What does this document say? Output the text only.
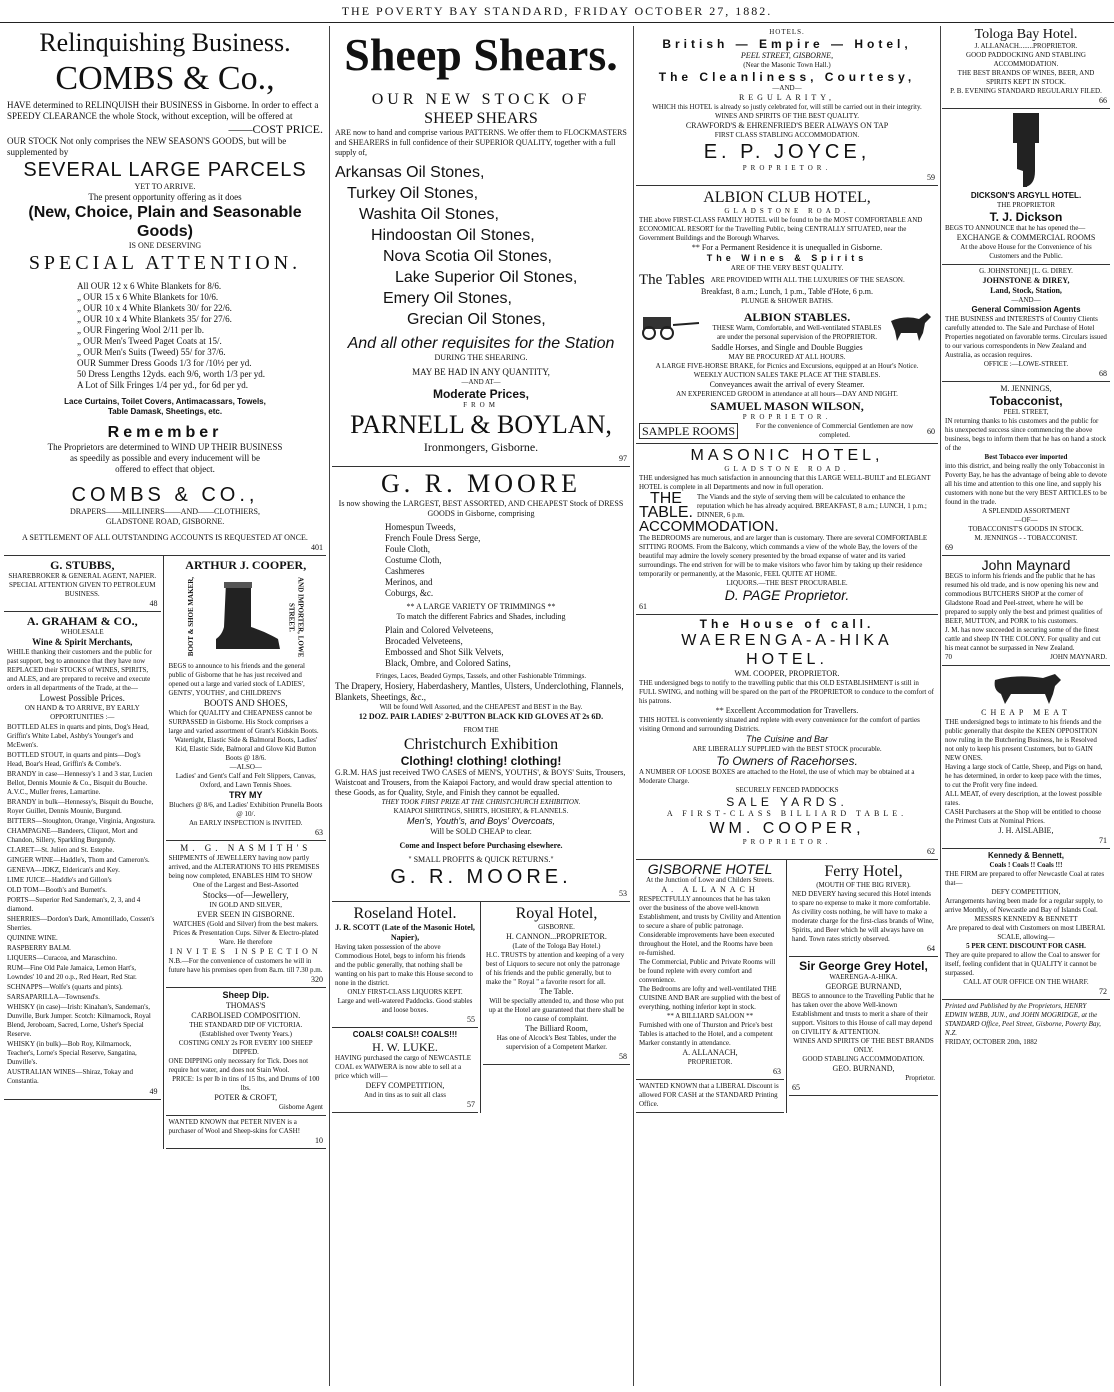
THE POVERTY BAY STANDARD, FRIDAY OCTOBER 27, 1882.
Relinquishing Business.
COMBS & Co.,
HAVE determined to RELINQUISH their BUSINESS in Gisborne. In order to effect a SPEEDY CLEARANCE the whole Stock, without exception, will be offered at
——COST PRICE.
OUR STOCK Not only comprises the NEW SEASON'S GOODS, but will be supplemented by
SEVERAL LARGE PARCELS
YET TO ARRIVE.
The present opportunity offering as it does
(New, Choice, Plain and Seasonable Goods)
IS ONE DESERVING
SPECIAL ATTENTION.
All OUR 12 x 6 White Blankets for 8/6.
„ OUR 15 x 6 White Blankets for 10/6.
„ OUR 10 x 4 White Blankets 30/ for 22/6.
„ OUR 10 x 4 White Blankets 35/ for 27/6.
„ OUR Fingering Wool 2/11 per lb.
„ OUR Men's Tweed Paget Coats at 15/.
„ OUR Men's Suits (Tweed) 55/ for 37/6.
OUR Summer Dress Goods 1/3 for /10½ per yd.
50 Dress Lengths 12yds. each 9/6, worth 1/3 per yd.
A Lot of Silk Fringes 1/4 per yd., for 6d per yd.
Lace Curtains, Toilet Covers, Antimacassars, Towels,
Table Damask, Sheetings, etc.
Remember
The Proprietors are determined to WIND UP THEIR BUSINESS
as speedily as possible and every inducement will be
offered to effect that object.
COMBS & CO.,
DRAPERS——MILLINERS——AND——CLOTHIERS,
GLADSTONE ROAD, GISBORNE.
A SETTLEMENT OF ALL OUTSTANDING ACCOUNTS IS REQUESTED AT ONCE.
401
G. STUBBS,
SHAREBROKER & GENERAL AGENT, NAPIER.
SPECIAL ATTENTION GIVEN TO PETROLEUM BUSINESS.
48
A. GRAHAM & CO.,
WHOLESALE
Wine & Spirit Merchants,
WHILE thanking their customers and the public for past support, beg to announce that they have now REPLACED their STOCKS of WINES, SPIRITS, and ALES, and are prepared to receive and execute orders in all departments of the Trade, at the—
Lowest Possible Prices.
ON HAND & TO ARRIVE, BY EARLY OPPORTUNITIES :—
BOTTLED ALES in quarts and pints, Dog's Head, Griffin's White Label, Ashby's Younger's and McEwen's.
BOTTLED STOUT, in quarts and pints—Dog's Head, Boar's Head, Griffin's & Combe's.
BRANDY in case—Hennessy's 1 and 3 star, Lucien Bellot, Dennis Mounie & Co., Bisquit du Bouche. A.V.C., Muller freres, Lamartine.
BRANDY in bulk—Hennessy's, Bisquit du Bouche, Royer Guillet, Dennis Mounie, Burgund.
BITTERS—Stoughton, Orange, Virginia, Angostura.
CHAMPAGNE—Bandeers, Cliquot, Mort and Chandon, Sillery, Sparkling Burgundy.
CLARET—St. Julien and St. Estephe.
GINGER WINE—Haddle's, Thom and Cameron's.
GENEVA—JDKZ, Elderican's and Key.
LIME JUICE—Haddle's and Gillon's
OLD TOM—Booth's and Burnett's.
PORTS—Superior Red Sandeman's, 2, 3, and 4 diamond.
SHERRIES—Dordon's Dark, Amontillado, Cossen's Sherries.
QUININE WINE.
RASPBERRY BALM.
LIQUERS—Curacoa, and Maraschino.
RUM—Fine Old Pale Jamaica, Lemon Hart's, Lowndes' 10 and 20 o.p., Red Heart, Red Star.
SCHNAPPS—Wolfe's (quarts and pints).
SARSAPARILLA—Townsend's.
WHISKY (in case)—Irish: Kinahan's, Sandeman's, Dunville, Burk Jumper. Scotch: Kilmarnock, Royal Blend, Jeroboam, Sacred, Lorne, Usher's Special Reserve.
WHISKY (in bulk)—Bob Roy, Kilmarnock, Teacher's, Lorne's Special Reserve, Sangatina, Dunville's.
AUSTRALIAN WINES—Shiraz, Tokay and Constantia.
49
ARTHUR J. COOPER,
BOOT & SHOE MAKER,	AND IMPORTER, LOWE STREET.
BEGS to announce to his friends and the general public of Gisborne that he has just received and opened out a large and varied stock of LADIES', GENTS', YOUTHS', and CHILDREN'S
BOOTS AND SHOES,
Which for QUALITY and CHEAPNESS cannot be SURPASSED in Gisborne. His Stock comprises a large and varied assortment of Grant's Kidskin Boots.
Watertight, Elastic Side & Balmoral Boots, Ladies' Kid, Elastic Side, Balmoral and Glove Kid Button Boots @ 18/6.
—ALSO—
Ladies' and Gent's Calf and Felt Slippers, Canvas, Oxford, and Lawn Tennis Shoes.
TRY MY
Bluchers @ 8/6, and Ladies' Exhibition Prunella Boots @ 10/.
An EARLY INSPECTION is INVITED.
63
M. G. NASMITH'S
SHIPMENTS of JEWELLERY having now partly arrived, and the ALTERATIONS TO HIS PREMISES being now completed, ENABLES HIM TO SHOW
One of the Largest and Best-Assorted
Stocks—of—Jewellery,
IN GOLD AND SILVER,
EVER SEEN IN GISBORNE.
WATCHES (Gold and Silver) from the best makers. Prices & Presentation Cups. Silver & Electro-plated Ware. He therefore
INVITES INSPECTION
N.B.—For the convenience of customers he will in future have his premises open from 8a.m. till 7.30 p.m.
320
Sheep Dip.
THOMAS'S
CARBOLISED COMPOSITION.
THE STANDARD DIP OF VICTORIA.
(Established over Twenty Years.)
COSTING ONLY 2s FOR EVERY 100 SHEEP DIPPED.
ONE DIPPING only necessary for Tick. Does not require hot water, and does not Stain Wool.
PRICE: 1s per lb in tins of 15 lbs, and Drums of 100 lbs.
POTER & CROFT,
Gisborne Agent
WANTED KNOWN that PETER NIVEN is a purchaser of Wool and Sheep-skins for CASH!
10
Sheep Shears.
OUR NEW STOCK OF
SHEEP SHEARS
ARE now to hand and comprise various PATTERNS. We offer them to FLOCKMASTERS and SHEARERS in full confidence of their SUPERIOR QUALITY, together with a full supply of,
Arkansas Oil Stones,
Turkey Oil Stones,
Washita Oil Stones,
Hindoostan Oil Stones,
Nova Scotia Oil Stones,
Lake Superior Oil Stones,
Emery Oil Stones,
Grecian Oil Stones,
And all other requisites for the Station
DURING THE SHEARING.
MAY BE HAD IN ANY QUANTITY,
—AND AT—
Moderate Prices,
FROM
PARNELL & BOYLAN,
Ironmongers, Gisborne.
97
G. R. MOORE
Is now showing the LARGEST, BEST ASSORTED, AND CHEAPEST Stock of DRESS GOODS in Gisborne, comprising
Homespun Tweeds,
French Foule Dress Serge,
Foule Cloth,
Costume Cloth,
Cashmeres
Merinos, and
Coburgs, &c.
** A LARGE VARIETY OF TRIMMINGS **
To match the different Fabrics and Shades, including
Plain and Colored Velveteens,
Brocaded Velveteens,
Embossed and Shot Silk Velvets,
Black, Ombre, and Colored Satins,
Fringes, Laces, Beaded Gymps, Tassels, and other Fashionable Trimmings.
The Drapery, Hosiery, Haberdashery, Mantles, Ulsters, Underclothing, Flannels, Blankets, Sheetings, &c.,
Will be found Well Assorted, and the CHEAPEST and BEST in the Bay.
12 DOZ. PAIR LADIES' 2-BUTTON BLACK KID GLOVES AT 2s 6D.
FROM THE
Christchurch Exhibition
Clothing! clothing! clothing!
G.R.M. HAS just received TWO CASES of MEN'S, YOUTHS', & BOYS' Suits, Trousers, Waistcoat and Trousers, from the Kaiapoi Factory, and would draw special attention to these Goods, as for Quality, Style, and Finish they cannot be equalled.
THEY TOOK FIRST PRIZE AT THE CHRISTCHURCH EXHIBITION.
KAIAPOI SHIRTINGS, SHIRTS, HOSIERY, & FLANNELS.
Men's, Youth's, and Boys' Overcoats,
Will be SOLD CHEAP to clear.
Come and Inspect before Purchasing elsewhere.
" SMALL PROFITS & QUICK RETURNS."
G. R. MOORE.
53
Roseland Hotel.
J. R. SCOTT (Late of the Masonic Hotel, Napier),
Having taken possession of the above Commodious Hotel, begs to inform his friends and the public generally, that nothing shall be wanting on his part to make this House second to none in the district.
ONLY FIRST-CLASS LIQUORS KEPT.
Large and well-watered Paddocks. Good stables and loose boxes.
55
COALS! COALS!! COALS!!!
H. W. LUKE.
HAVING purchased the cargo of NEWCASTLE COAL ex WAIWERA is now able to sell at a price which will—
DEFY COMPETITION,
And in tins as to suit all class
57
Royal Hotel,
GISBORNE.
H. CANNON...PROPRIETOR.
(Late of the Tologa Bay Hotel.)
H.C. TRUSTS by attention and keeping of a very best of Liquors to secure not only the patronage of his friends and the public generally, but to make the " Royal " a favorite resort for all.
The Table.
Will be specially attended to, and those who put up at the Hotel are guaranteed that there shall be no cause of complaint.
The Billiard Room,
Has one of Alcock's Best Tables, under the supervision of a Competent Marker.
58
HOTELS.
British — Empire — Hotel,
PEEL STREET, GISBORNE,
(Near the Masonic Town Hall.)
The Cleanliness, Courtesy,
—AND—
REGULARITY,
WHICH this HOTEL is already so justly celebrated for, will still be carried out in their integrity.
WINES AND SPIRITS OF THE BEST QUALITY.
CRAWFORD'S & EHRENFRIED'S BEER ALWAYS ON TAP
FIRST CLASS STABLING ACCOMMODATION.
E. P. JOYCE,
PROPRIETOR.
59
ALBION CLUB HOTEL,
GLADSTONE ROAD.
THE above FIRST-CLASS FAMILY HOTEL will be found to be the MOST COMFORTABLE AND ECONOMICAL RESORT for the Travelling Public, being CENTRALLY SITUATED, near the Government Buildings and the Borough Wharves.
** For a Permanent Residence it is unequalled in Gisborne.
The Wines & Spirits
ARE OF THE VERY BEST QUALITY.
The Tables ARE PROVIDED WITH ALL THE LUXURIES OF THE SEASON.
Breakfast, 8 a.m.; Lunch, 1 p.m., Table d'Hote, 6 p.m.
PLUNGE & SHOWER BATHS.
ALBION STABLES.
THESE Warm, Comfortable, and Well-ventilated STABLES are under the personal supervision of the PROPRIETOR.
Saddle Horses, and Single and Double Buggies
MAY BE PROCURED AT ALL HOURS.
A LARGE FIVE-HORSE BRAKE, for Picnics and Excursions, equipped at an Hour's Notice.
WEEKLY AUCTION SALES TAKE PLACE AT THE STABLES.
Conveyances await the arrival of every Steamer.
AN EXPERIENCED GROOM in attendance at all hours—DAY AND NIGHT.
SAMUEL MASON WILSON,
PROPRIETOR.
SAMPLE ROOMS	For the convenience of Commercial Gentlemen are now completed.	60
MASONIC HOTEL,
GLADSTONE ROAD.
THE undersigned has much satisfaction in announcing that this LARGE WELL-BUILT and ELEGANT HOTEL is complete in all Departments and now in full operation.
THE TABLE.
The Viands and the style of serving them will be calculated to enhance the reputation which he has already acquired. BREAKFAST, 8 a.m.; LUNCH, 1 p.m.; DINNER, 6 p.m.
ACCOMMODATION.
The BEDROOMS are numerous, and are larger than is customary. There are several COMFORTABLE SITTING ROOMS. From the Balcony, which commands a view of the whole Bay, the lovers of the beautiful may admire the lovely scenery presented by the broad expanse of water and its varied surroundings. The end striven for will be to make visitors who favor him by taking up their residence temporarily or permanently, at the Masonic, FEEL QUITE AT HOME.
LIQUORS.—THE BEST PROCURABLE.
D. PAGE Proprietor.
61
The House of call.
WAERENGA-A-HIKA HOTEL.
WM. COOPER, PROPRIETOR.
THE undersigned begs to notify to the travelling public that this OLD ESTABLISHMENT is still in FULL SWING, and nothing will be spared on the part of the PROPRIETOR to conduce to the comfort of his patrons.
** Excellent Accommodation for Travellers.
THIS HOTEL is conveniently situated and replete with every convenience for the comfort of parties visiting Ormond and surrounding Districts.
The Cuisine and Bar
ARE LIBERALLY SUPPLIED with the BEST STOCK procurable.
To Owners of Racehorses.
A NUMBER OF LOOSE BOXES are attached to the Hotel, the use of which may be obtained at a Moderate Charge.
SECURELY FENCED PADDOCKS
SALE YARDS.
A FIRST-CLASS BILLIARD TABLE.
WM. COOPER,
PROPRIETOR.
62
GISBORNE HOTEL
At the Junction of Lowe and Childers Streets.
A. ALLANACH
RESPECTFULLY announces that he has taken over the business of the above well-known Establishment, and trusts by Civility and Attention to secure a share of public patronage.
Considerable improvements have been executed throughout the Hotel, and the Rooms have been re-furnished.
The Commercial, Public and Private Rooms will be found replete with every comfort and convenience.
The Bedrooms are lofty and well-ventilated THE CUISINE AND BAR are supplied with the best of everything, nothing inferior kept in stock.
** A BILLIARD SALOON **
Furnished with one of Thurston and Price's best Tables is attached to the Hotel, and a competent Marker constantly in attendance.
A. ALLANACH,
PROPRIETOR.
63
WANTED KNOWN that a LIBERAL Discount is allowed FOR CASH at the STANDARD Printing Office.
Ferry Hotel,
(MOUTH OF THE BIG RIVER).
NED DEVERY having secured this Hotel intends to spare no expense to make it more comfortable.
As civility costs nothing, he will have to make a moderate charge for the first-class brands of Wine, Spirits, and Beer which he will always have on hand. Town rates strictly observed.
64
Sir George Grey Hotel,
WAERENGA-A-HIKA.
GEORGE BURNAND,
BEGS to announce to the Travelling Public that he has taken over the above Well-known Establishment and trusts to merit a share of their support. Visitors to this House of call may depend on CIVILITY & ATTENTION.
WINES AND SPIRITS OF THE BEST BRANDS ONLY.
GOOD STABLING ACCOMMODATION.
GEO. BURNAND,
Proprietor.
65
Tologa Bay Hotel.
J. ALLANACH........PROPRIETOR.
GOOD PADDOCKING AND STABLING ACCOMMODATION.
THE BEST BRANDS OF WINES, BEER, AND SPIRITS KEPT IN STOCK.
P. B. EVENING STANDARD REGULARLY FILED.
66
DICKSON'S ARGYLL HOTEL.
THE PROPRIETOR
T. J. Dickson
BEGS TO ANNOUNCE that he has opened the—
EXCHANGE & COMMERCIAL ROOMS
At the above House for the Convenience of his Customers and the Public.
G. JOHNSTONE] [L. G. DIREY.
JOHNSTONE & DIREY,
Land, Stock, Station,
—AND—
General Commission Agents
THE BUSINESS and INTERESTS of Country Clients carefully attended to. The Sale and Purchase of Hotel Properties negotiated on favorable terms. Circulars issued to our various correspondents in New Zealand and Australia, as occasion requires.
OFFICE :—LOWE-STREET.
68
M. JENNINGS,
Tobacconist,
PEEL STREET,
IN returning thanks to his customers and the public for his unexpected success since commencing the above business, begs to inform them that he has on hand a stock of the
Best Tobacco ever imported
into this district, and being really the only Tobacconist in Poverty Bay, he has the advantage of being able to devote all his time and attention to this one line, and supply his customers with none but the very BEST ARTICLES to be found in the trade.
A SPLENDID ASSORTMENT
—OF—
TOBACCONIST'S GOODS IN STOCK.
M. JENNINGS - - TOBACCONIST.
69
John Maynard
BEGS to inform his friends and the public that he has resumed his old trade, and is now opening his new and commodious BUTCHERS SHOP at the corner of Gladstone Road and Peel-street, where he will be prepared to supply only the best and primest qualities of BEEF, MUTTON, and PORK to his customers.
J. M. has now succeeded in securing some of the finest cattle and sheep IN THE COLONY. For quality and cut his meat cannot be surpassed in New Zealand.
70	JOHN MAYNARD.
CHEAP MEAT
THE undersigned begs to intimate to his friends and the public generally that despite the KEEN OPPOSITION now ruling in the Butchering Business, he is Resolved not only to keep his present Customers, but to GAIN NEW ONES.
Having a large stock of Cattle, Sheep, and Pigs on hand, he has determined, in order to keep pace with the times, to cut the Profit very fine indeed.
ALL MEAT, of every description, at the lowest possible rates.
CASH Purchasers at the Shop will be entitled to choose the Primest Cuts at Nominal Prices.
J. H. AISLABIE,
71
Kennedy & Bennett,
Coals ! Coals !! Coals !!!
THE FIRM are prepared to offer Newcastle Coal at rates that—
DEFY COMPETITION,
Arrangements having been made for a regular supply, to arrive Monthly, of Newcastle and Bay of Islands Coal.
MESSRS KENNEDY & BENNETT
Are prepared to deal with Customers on most LIBERAL SCALE, allowing—
5 PER CENT. DISCOUNT FOR CASH.
They are quite prepared to allow the Coal to answer for itself, feeling confident that in QUALITY it cannot be surpassed.
CALL AT OUR OFFICE ON THE WHARF.
72
Printed and Published by the Proprietors, HENRY EDWIN WEBB, JUN., and JOHN MOGRIDGE, at the STANDARD Office, Peel Street, Gisborne, Poverty Bay, N.Z.
FRIDAY, OCTOBER 20th, 1882
